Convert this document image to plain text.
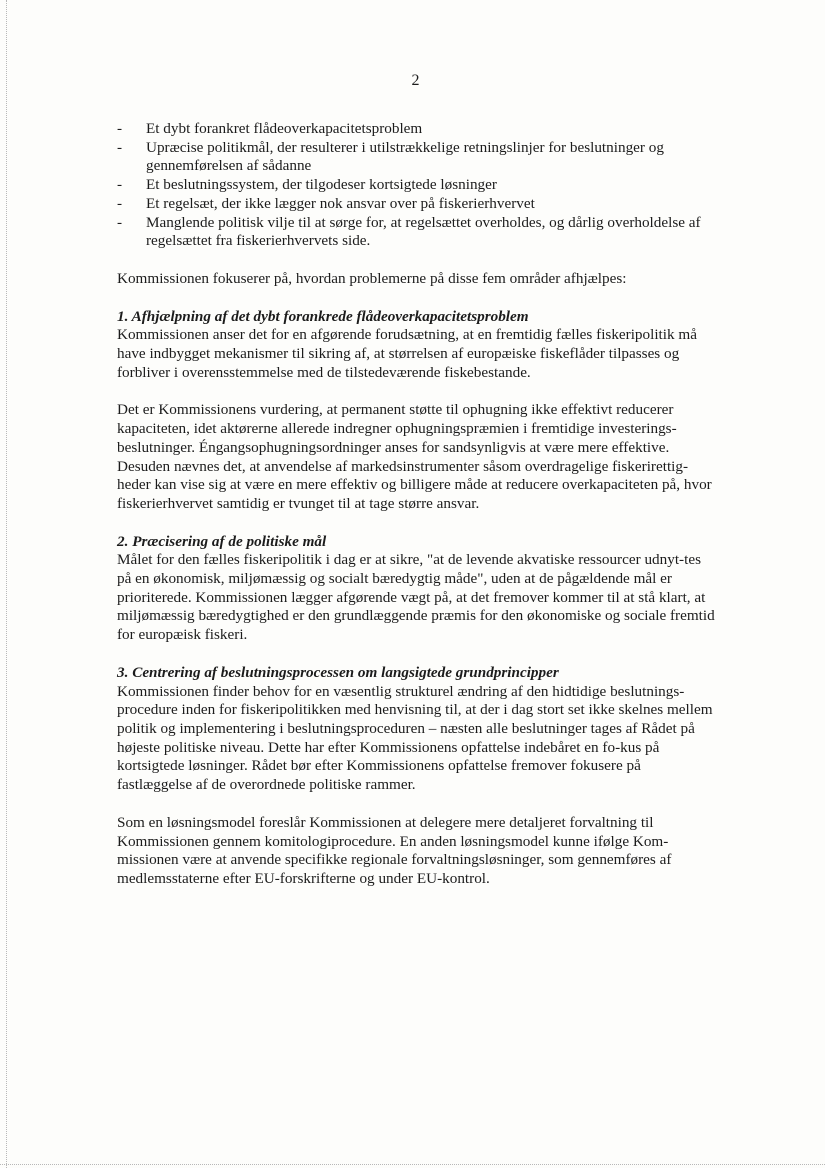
2
-	Et dybt forankret flådeoverkapacitetsproblem
-	Upræcise politikmål, der resulterer i utilstrækkelige retningslinjer for beslutninger og gennemførelsen af sådanne
-	Et beslutningssystem, der tilgodeser kortsigtede løsninger
-	Et regelsæt, der ikke lægger nok ansvar over på fiskerierhvervet
-	Manglende politisk vilje til at sørge for, at regelsættet overholdes, og dårlig overholdelse af regelsættet fra fiskerierhvervets side.

Kommissionen fokuserer på, hvordan problemerne på disse fem områder afhjælpes:

1. Afhjælpning af det dybt forankrede flådeoverkapacitetsproblem

Kommissionen anser det for en afgørende forudsætning, at en fremtidig fælles fiskeripolitik må have indbygget mekanismer til sikring af, at størrelsen af europæiske fiskeflåder tilpasses og forbliver i overensstemmelse med de tilstedeværende fiskebestande.

Det er Kommissionens vurdering, at permanent støtte til ophugning ikke effektivt reducerer kapaciteten, idet aktørerne allerede indregner ophugningspræmien i fremtidige investerings-beslutninger. Éngangsophugningsordninger anses for sandsynligvis at være mere effektive. Desuden nævnes det, at anvendelse af markedsinstrumenter såsom overdragelige fiskerirettig-heder kan vise sig at være en mere effektiv og billigere måde at reducere overkapaciteten på, hvor fiskerierhvervet samtidig er tvunget til at tage større ansvar.

2. Præcisering af de politiske mål

Målet for den fælles fiskeripolitik i dag er at sikre, "at de levende akvatiske ressourcer udnyt-tes på en økonomisk, miljømæssig og socialt bæredygtig måde", uden at de pågældende mål er prioriterede. Kommissionen lægger afgørende vægt på, at det fremover kommer til at stå klart, at miljømæssig bæredygtighed er den grundlæggende præmis for den økonomiske og sociale fremtid for europæisk fiskeri.

3. Centrering af beslutningsprocessen om langsigtede grundprincipper

Kommissionen finder behov for en væsentlig strukturel ændring af den hidtidige beslutnings-procedure inden for fiskeripolitikken med henvisning til, at der i dag stort set ikke skelnes mellem politik og implementering i beslutningsproceduren – næsten alle beslutninger tages af Rådet på højeste politiske niveau. Dette har efter Kommissionens opfattelse indebåret en fo-kus på kortsigtede løsninger. Rådet bør efter Kommissionens opfattelse fremover fokusere på fastlæggelse af de overordnede politiske rammer.

Som en løsningsmodel foreslår Kommissionen at delegere mere detaljeret forvaltning til Kommissionen gennem komitologiprocedure. En anden løsningsmodel kunne ifølge Kom-missionen være at anvende specifikke regionale forvaltningsløsninger, som gennemføres af medlemsstaterne efter EU-forskrifterne og under EU-kontrol.
